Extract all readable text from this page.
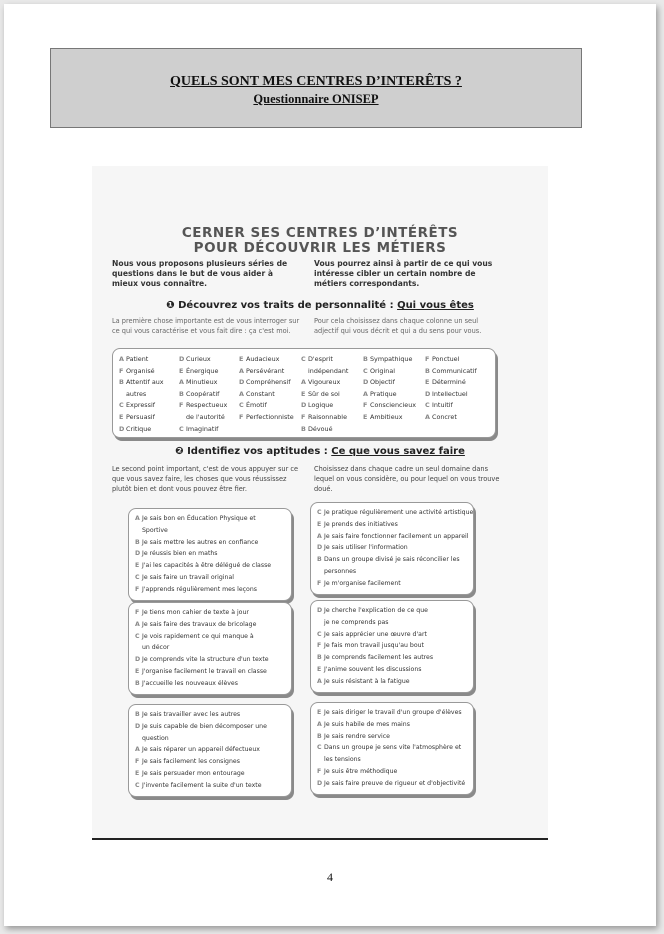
QUELS SONT MES CENTRES D’INTERÊTS ?
Questionnaire ONISEP
CERNER SES CENTRES D’INTÉRÊTS
POUR DÉCOUVRIR LES MÉTIERS
Nous vous proposons plusieurs séries de questions dans le but de vous aider à mieux vous connaître.
Vous pourrez ainsi à partir de ce qui vous intéresse cibler un certain nombre de métiers correspondants.
❶ Découvrez vos traits de personnalité : Qui vous êtes
La première chose importante est de vous interroger sur ce qui vous caractérise et vous fait dire : ça c'est moi.
Pour cela choisissez dans chaque colonne un seul adjectif qui vous décrit et qui a du sens pour vous.
A Patient
F Organisé
B Attentif aux
autres
C Expressif
E Persuasif
D Critique
D Curieux
E Énergique
A Minutieux
B Coopératif
F Respectueux
de l'autorité
C Imaginatif
E Audacieux
A Persévérant
D Compréhensif
A Constant
C Émotif
F Perfectionniste
C D'esprit
indépendant
A Vigoureux
E Sûr de soi
D Logique
F Raisonnable
B Dévoué
B Sympathique
C Original
D Objectif
A Pratique
F Consciencieux
E Ambitieux
F Ponctuel
B Communicatif
E Déterminé
D Intellectuel
C Intuitif
A Concret
❷ Identifiez vos aptitudes : Ce que vous savez faire
Le second point important, c'est de vous appuyer sur ce que vous savez faire, les choses que vous réussissez plutôt bien et dont vous pouvez être fier.
Choisissez dans chaque cadre un seul domaine dans lequel on vous considère, ou pour lequel on vous trouve doué.
A Je sais bon en Éducation Physique et
Sportive
B Je sais mettre les autres en confiance
D Je réussis bien en maths
E J'ai les capacités à être délégué de classe
C Je sais faire un travail original
F J'apprends régulièrement mes leçons
C Je pratique régulièrement une activité artistique
E Je prends des initiatives
A Je sais faire fonctionner facilement un appareil
D Je sais utiliser l'information
B Dans un groupe divisé je sais réconcilier les
personnes
F Je m'organise facilement
F Je tiens mon cahier de texte à jour
A Je sais faire des travaux de bricolage
C Je vois rapidement ce qui manque à
un décor
D Je comprends vite la structure d'un texte
E J'organise facilement le travail en classe
B J'accueille les nouveaux élèves
D Je cherche l'explication de ce que
je ne comprends pas
C Je sais apprécier une œuvre d'art
F Je fais mon travail jusqu'au bout
B Je comprends facilement les autres
E J'anime souvent les discussions
A Je suis résistant à la fatigue
B Je sais travailler avec les autres
D Je suis capable de bien décomposer une
question
A Je sais réparer un appareil défectueux
F Je sais facilement les consignes
E Je sais persuader mon entourage
C J'invente facilement la suite d'un texte
E Je sais diriger le travail d'un groupe d'élèves
A Je suis habile de mes mains
B Je sais rendre service
C Dans un groupe je sens vite l'atmosphère et
les tensions
F Je suis être méthodique
D Je sais faire preuve de rigueur et d'objectivité
4
